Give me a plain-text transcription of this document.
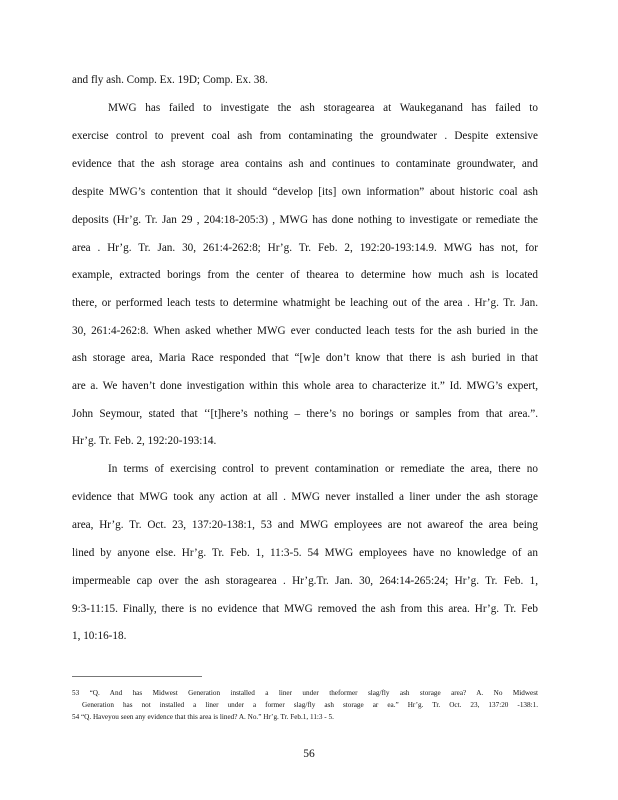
and fly ash. Comp. Ex. 19D; Comp. Ex. 38.
MWG has failed to investigate the ash storagearea at Waukeganand has failed to
exercise control to prevent coal ash from contaminating the groundwater . Despite extensive
evidence that the ash storage area contains ash and continues to contaminate groundwater, and
despite MWG’s contention that it should “develop [its] own information” about historic coal ash
deposits (Hr’g. Tr. Jan 29 , 204:18-205:3) , MWG has done nothing to investigate or remediate the
area . Hr’g. Tr. Jan. 30, 261:4-262:8; Hr’g. Tr. Feb. 2, 192:20-193:14.9. MWG has not, for
example, extracted borings from the center of thearea to determine how much ash is located
there, or performed leach tests to determine whatmight be leaching out of the area . Hr’g. Tr. Jan.
30, 261:4-262:8. When asked whether MWG ever conducted leach tests for the ash buried in the
ash storage area, Maria Race responded that “[w]e don’t know that there is ash buried in that
are a. We haven’t done investigation within this whole area to characterize it.” Id. MWG’s expert,
John Seymour, stated that ‘‘[t]here’s nothing – there’s no borings or samples from that area.”.
Hr’g. Tr. Feb. 2, 192:20-193:14.
In terms of exercising control to prevent contamination or remediate the area, there no
evidence that MWG took any action at all . MWG never installed a liner under the ash storage
area, Hr’g. Tr. Oct. 23, 137:20-138:1, 53 and MWG employees are not awareof the area being
lined by anyone else. Hr’g. Tr. Feb. 1, 11:3-5. 54 MWG employees have no knowledge of an
impermeable cap over the ash storagearea . Hr’g.Tr. Jan. 30, 264:14-265:24; Hr’g. Tr. Feb. 1,
9:3-11:15. Finally, there is no evidence that MWG removed the ash from this area. Hr’g. Tr. Feb
1, 10:16-18.
53 “Q. And has Midwest Generation installed a liner under theformer slag/fly ash storage area? A. No Midwest
Generation has not installed a liner under a former slag/fly ash storage ar ea.” Hr’g. Tr. Oct. 23, 137:20 -138:1.
54 “Q. Haveyou seen any evidence that this area is lined? A. No.” Hr’g. Tr. Feb.1, 11:3 - 5.
56
